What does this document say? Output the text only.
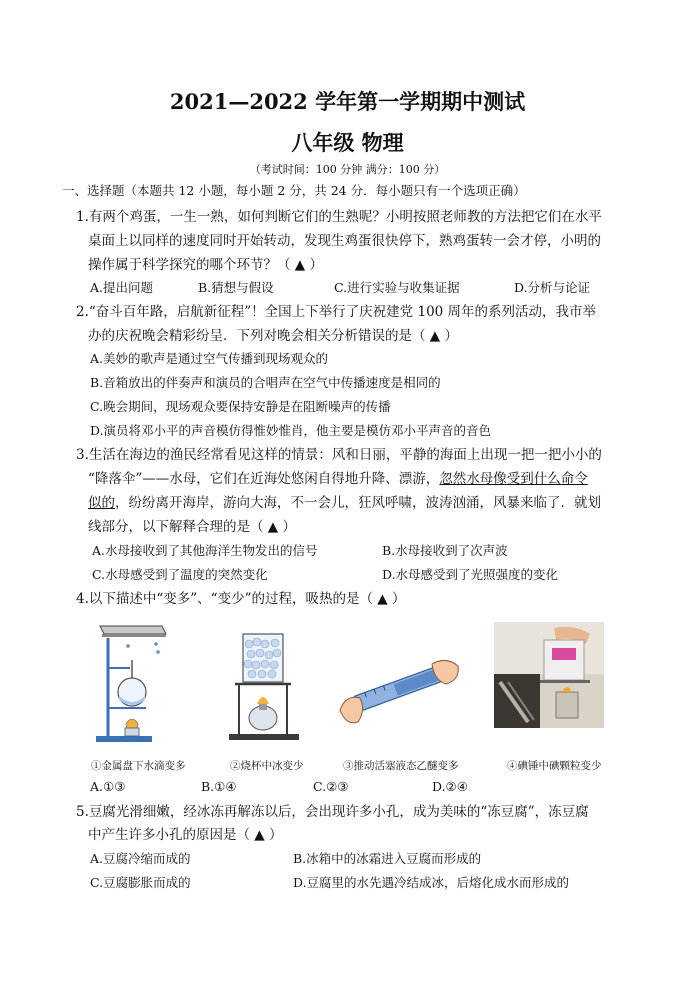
2021—2022 学年第一学期期中测试
八年级 物理
（考试时间：100 分钟 满分：100 分）
一、选择题（本题共 12 小题，每小题 2 分，共 24 分．每小题只有一个选项正确）
1.有两个鸡蛋，一生一熟，如何判断它们的生熟呢？小明按照老师教的方法把它们在水平
桌面上以同样的速度同时开始转动，发现生鸡蛋很快停下，熟鸡蛋转一会才停，小明的
操作属于科学探究的哪个环节？（ ▲ ）
A.提出问题	B.猜想与假设	C.进行实验与收集证据	D.分析与论证
2.“奋斗百年路，启航新征程”！全国上下举行了庆祝建党 100 周年的系列活动，我市举
办的庆祝晚会精彩纷呈．下列对晚会相关分析错误的是（ ▲ ）
A.美妙的歌声是通过空气传播到现场观众的
B.音箱放出的伴奏声和演员的合唱声在空气中传播速度是相同的
C.晚会期间，现场观众要保持安静是在阻断噪声的传播
D.演员将邓小平的声音模仿得惟妙惟肖，他主要是模仿邓小平声音的音色
3.生活在海边的渔民经常看见这样的情景：风和日丽，平静的海面上出现一把一把小小的
“降落伞”——水母，它们在近海处悠闲自得地升降、漂游，忽然水母像受到什么命令
似的，纷纷离开海岸，游向大海，不一会儿，狂风呼啸，波涛汹涌，风暴来临了．就划
线部分，以下解释合理的是（ ▲ ）
A.水母接收到了其他海洋生物发出的信号	B.水母接收到了次声波
C.水母感受到了温度的突然变化	D.水母感受到了光照强度的变化
4.以下描述中“变多”、“变少”的过程，吸热的是（ ▲ ）
①金属盘下水滴变多	②烧杯中冰变少	③推动活塞液态乙醚变多	④碘锤中碘颗粒变少
A.①③	B.①④	C.②③	D.②④
5.豆腐光滑细嫩，经冰冻再解冻以后，会出现许多小孔，成为美味的“冻豆腐”，冻豆腐
中产生许多小孔的原因是（ ▲ ）
A.豆腐冷缩而成的	B.冰箱中的冰霜进入豆腐而形成的
C.豆腐膨胀而成的	D.豆腐里的水先遇冷结成冰，后熔化成水而形成的
